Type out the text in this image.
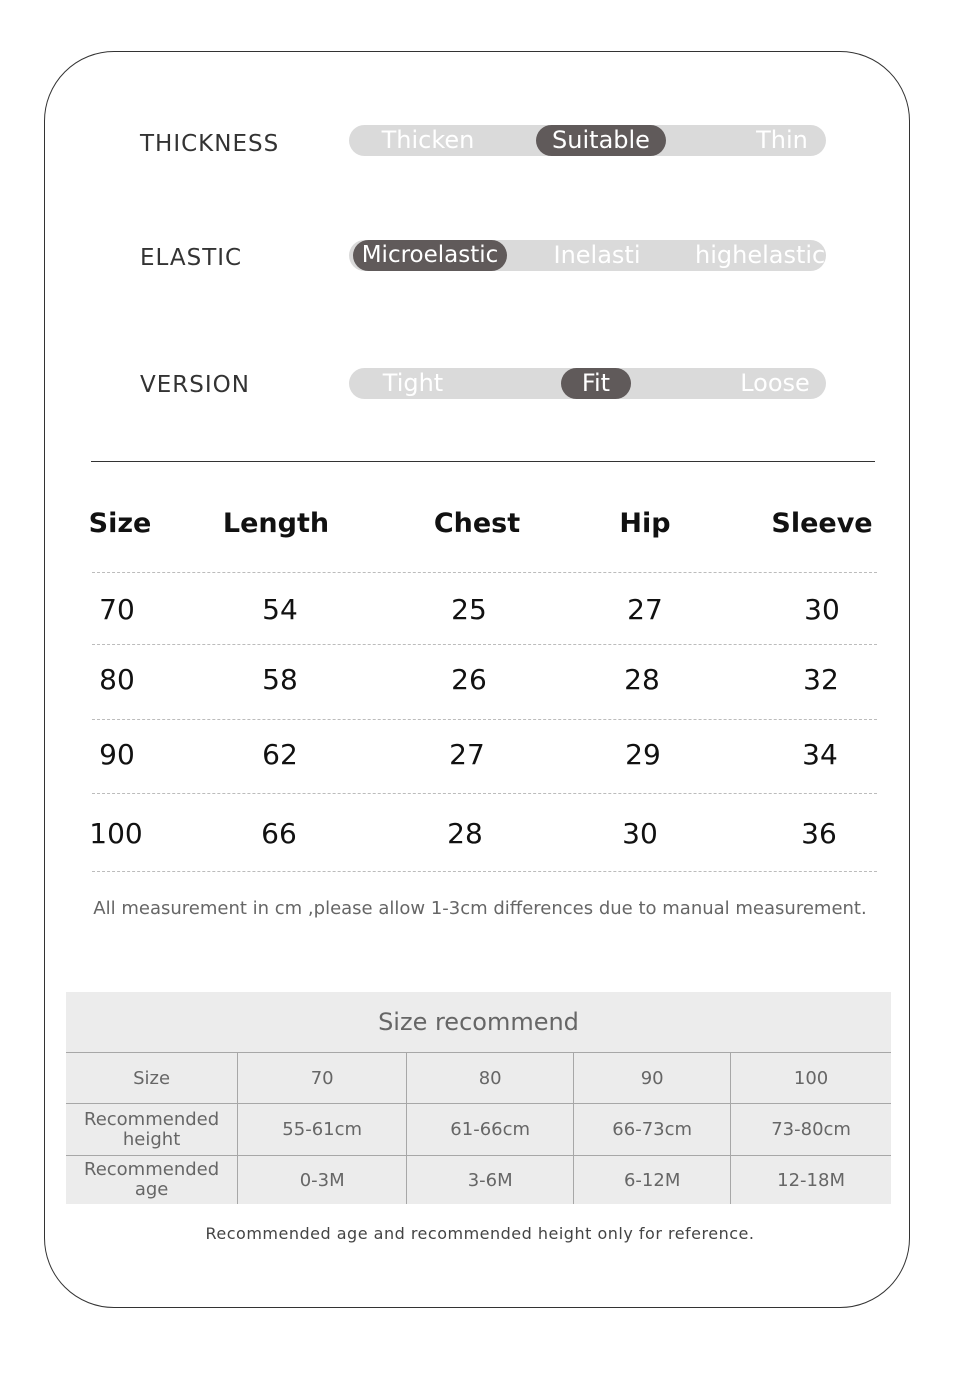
THICKNESS	Thicken	Suitable	Thin
ELASTIC	Microelastic	Inelasti highelastic
VERSION	Tight	Fit	Loose
Size	Length	Chest	Hip	Sleeve
70	54	25	27	30
80	58	26	28	32
90	62	27	29	34
100	66	28	30	36
All measurement in cm ,please allow 1-3cm differences due to manual measurement.
Size recommend				
Size	70	80	90	100
Recommended height	55-61cm	61-66cm	66-73cm	73-80cm
Recommended age	0-3M	3-6M	6-12M	12-18M
Recommended age and recommended height only for reference.
